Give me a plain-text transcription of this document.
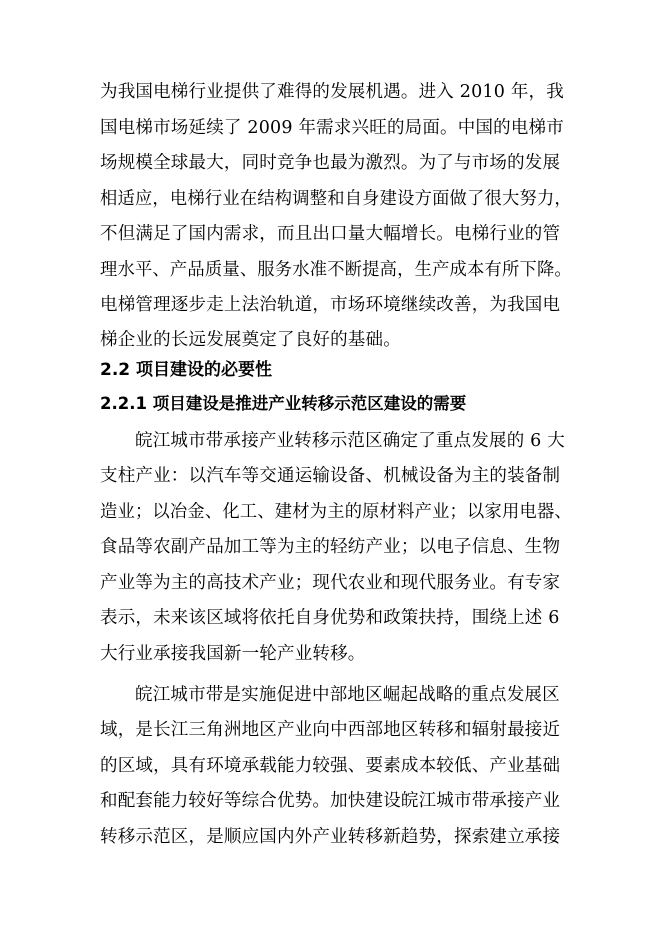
为我国电梯行业提供了难得的发展机遇。进入 2010 年，我
国电梯市场延续了 2009 年需求兴旺的局面。中国的电梯市
场规模全球最大，同时竞争也最为激烈。为了与市场的发展
相适应，电梯行业在结构调整和自身建设方面做了很大努力，
不但满足了国内需求，而且出口量大幅增长。电梯行业的管
理水平、产品质量、服务水准不断提高，生产成本有所下降。
电梯管理逐步走上法治轨道，市场环境继续改善，为我国电
梯企业的长远发展奠定了良好的基础。
2.2 项目建设的必要性
2.2.1 项目建设是推进产业转移示范区建设的需要
皖江城市带承接产业转移示范区确定了重点发展的 6 大
支柱产业：以汽车等交通运输设备、机械设备为主的装备制
造业；以冶金、化工、建材为主的原材料产业；以家用电器、
食品等农副产品加工等为主的轻纺产业；以电子信息、生物
产业等为主的高技术产业；现代农业和现代服务业。有专家
表示，未来该区域将依托自身优势和政策扶持，围绕上述 6
大行业承接我国新一轮产业转移。
皖江城市带是实施促进中部地区崛起战略的重点发展区
域，是长江三角洲地区产业向中西部地区转移和辐射最接近
的区域，具有环境承载能力较强、要素成本较低、产业基础
和配套能力较好等综合优势。加快建设皖江城市带承接产业
转移示范区，是顺应国内外产业转移新趋势，探索建立承接
